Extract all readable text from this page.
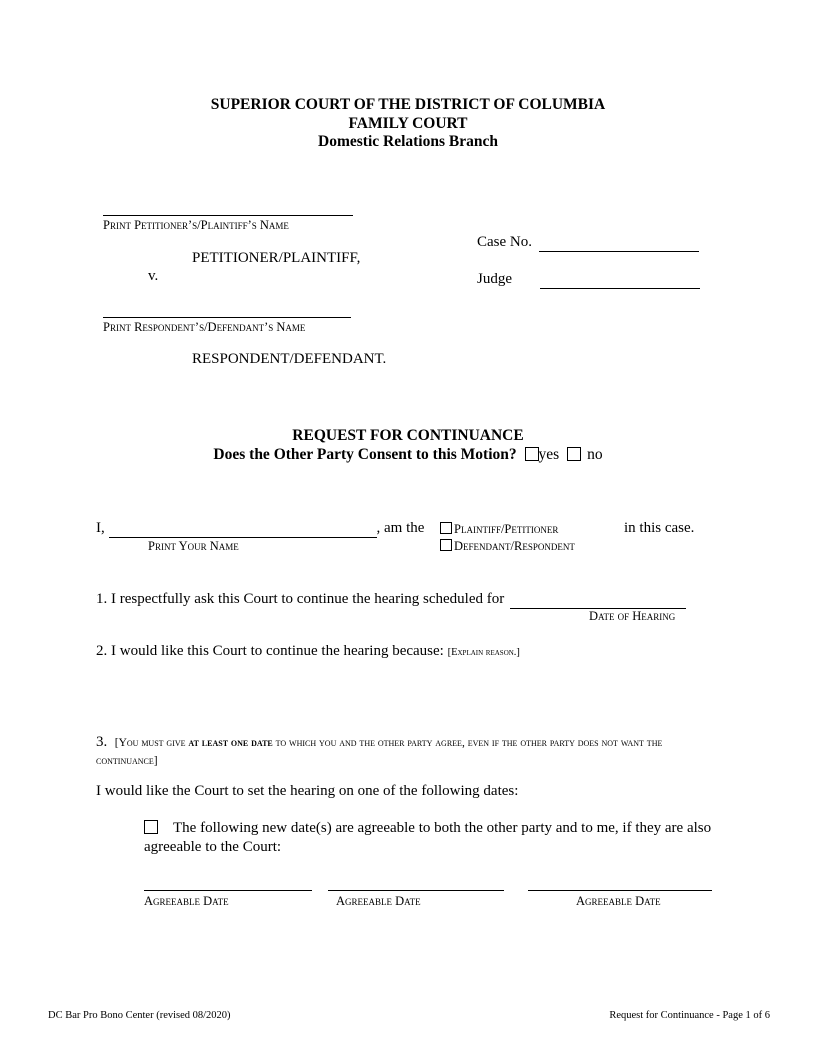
SUPERIOR COURT OF THE DISTRICT OF COLUMBIA
FAMILY COURT
Domestic Relations Branch
Print Petitioner’s/Plaintiff’s Name
PETITIONER/PLAINTIFF,
v.
Case No.
Judge
Print Respondent’s/Defendant’s Name
RESPONDENT/DEFENDANT.
REQUEST FOR CONTINUANCE
Does the Other Party Consent to this Motion? yes no
I,	, am the
Print Your Name
Plaintiff/Petitioner
Defendant/Respondent
in this case.
1. I respectfully ask this Court to continue the hearing scheduled for
Date of Hearing
2. I would like this Court to continue the hearing because: [Explain reason.]
3. [You must give at least one date to which you and the other party agree, even if the other party does not want the continuance]
I would like the Court to set the hearing on one of the following dates:
The following new date(s) are agreeable to both the other party and to me, if they are also agreeable to the Court:
Agreeable Date	Agreeable Date	Agreeable Date
DC Bar Pro Bono Center (revised 08/2020)	Request for Continuance - Page 1 of 6
